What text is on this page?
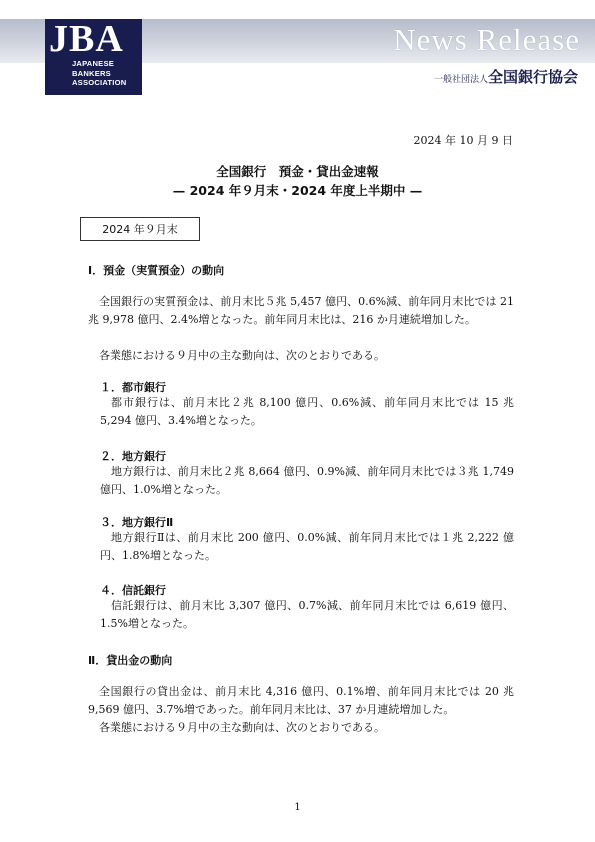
JBA
JAPANESE
BANKERS
ASSOCIATION
News Release
一般社団法人全国銀行協会
2024 年 10 月 9 日
全国銀行　預金・貸出金速報
— 2024 年９月末・2024 年度上半期中 —
2024 年９月末
Ⅰ．預金（実質預金）の動向
全国銀行の実質預金は、前月末比５兆 5,457 億円、0.6%減、前年同月末比では 21 兆 9,978 億円、2.4%増となった。前年同月末比は、216 か月連続増加した。
各業態における９月中の主な動向は、次のとおりである。
１．都市銀行
都市銀行は、前月末比２兆 8,100 億円、0.6%減、前年同月末比では 15 兆 5,294 億円、3.4%増となった。
２．地方銀行
地方銀行は、前月末比２兆 8,664 億円、0.9%減、前年同月末比では３兆 1,749 億円、1.0%増となった。
３．地方銀行Ⅱ
地方銀行Ⅱは、前月末比 200 億円、0.0%減、前年同月末比では１兆 2,222 億円、1.8%増となった。
４．信託銀行
信託銀行は、前月末比 3,307 億円、0.7%減、前年同月末比では 6,619 億円、1.5%増となった。
Ⅱ．貸出金の動向
全国銀行の貸出金は、前月末比 4,316 億円、0.1%増、前年同月末比では 20 兆 9,569 億円、3.7%増であった。前年同月末比は、37 か月連続増加した。
各業態における９月中の主な動向は、次のとおりである。
1
